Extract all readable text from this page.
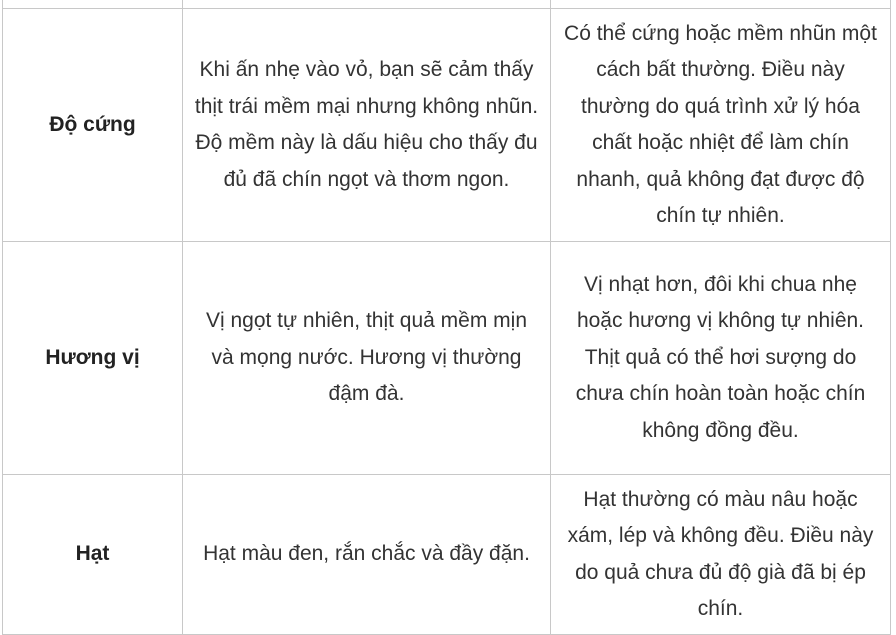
Độ cứng	Khi ấn nhẹ vào vỏ, bạn sẽ cảm thấy thịt trái mềm mại nhưng không nhũn. Độ mềm này là dấu hiệu cho thấy đu đủ đã chín ngọt và thơm ngon.	Có thể cứng hoặc mềm nhũn một cách bất thường. Điều này thường do quá trình xử lý hóa chất hoặc nhiệt để làm chín nhanh, quả không đạt được độ chín tự nhiên.
Hương vị	Vị ngọt tự nhiên, thịt quả mềm mịn và mọng nước. Hương vị thường đậm đà.	Vị nhạt hơn, đôi khi chua nhẹ hoặc hương vị không tự nhiên. Thịt quả có thể hơi sượng do chưa chín hoàn toàn hoặc chín không đồng đều.
Hạt	Hạt màu đen, rắn chắc và đầy đặn.	Hạt thường có màu nâu hoặc xám, lép và không đều. Điều này do quả chưa đủ độ già đã bị ép chín.
